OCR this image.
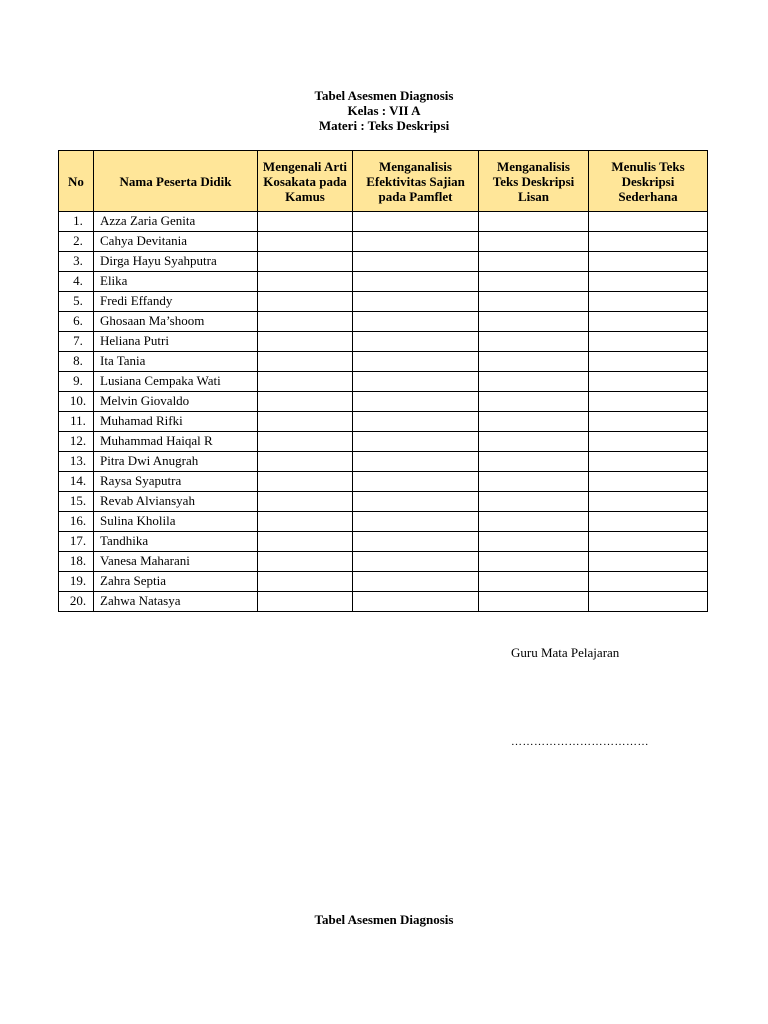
Tabel Asesmen Diagnosis
Kelas : VII A
Materi : Teks Deskripsi
No	Nama Peserta Didik	Mengenali Arti Kosakata pada Kamus	Menganalisis Efektivitas Sajian pada Pamflet	Menganalisis Teks Deskripsi Lisan	Menulis Teks Deskripsi Sederhana
1.	Azza Zaria Genita				
2.	Cahya Devitania				
3.	Dirga Hayu Syahputra				
4.	Elika				
5.	Fredi Effandy				
6.	Ghosaan Ma’shoom				
7.	Heliana Putri				
8.	Ita Tania				
9.	Lusiana Cempaka Wati				
10.	Melvin Giovaldo				
11.	Muhamad Rifki				
12.	Muhammad Haiqal R				
13.	Pitra Dwi Anugrah				
14.	Raysa Syaputra				
15.	Revab Alviansyah				
16.	Sulina Kholila				
17.	Tandhika				
18.	Vanesa Maharani				
19.	Zahra Septia				
20.	Zahwa Natasya				
Guru Mata Pelajaran
………………………………
Tabel Asesmen Diagnosis
